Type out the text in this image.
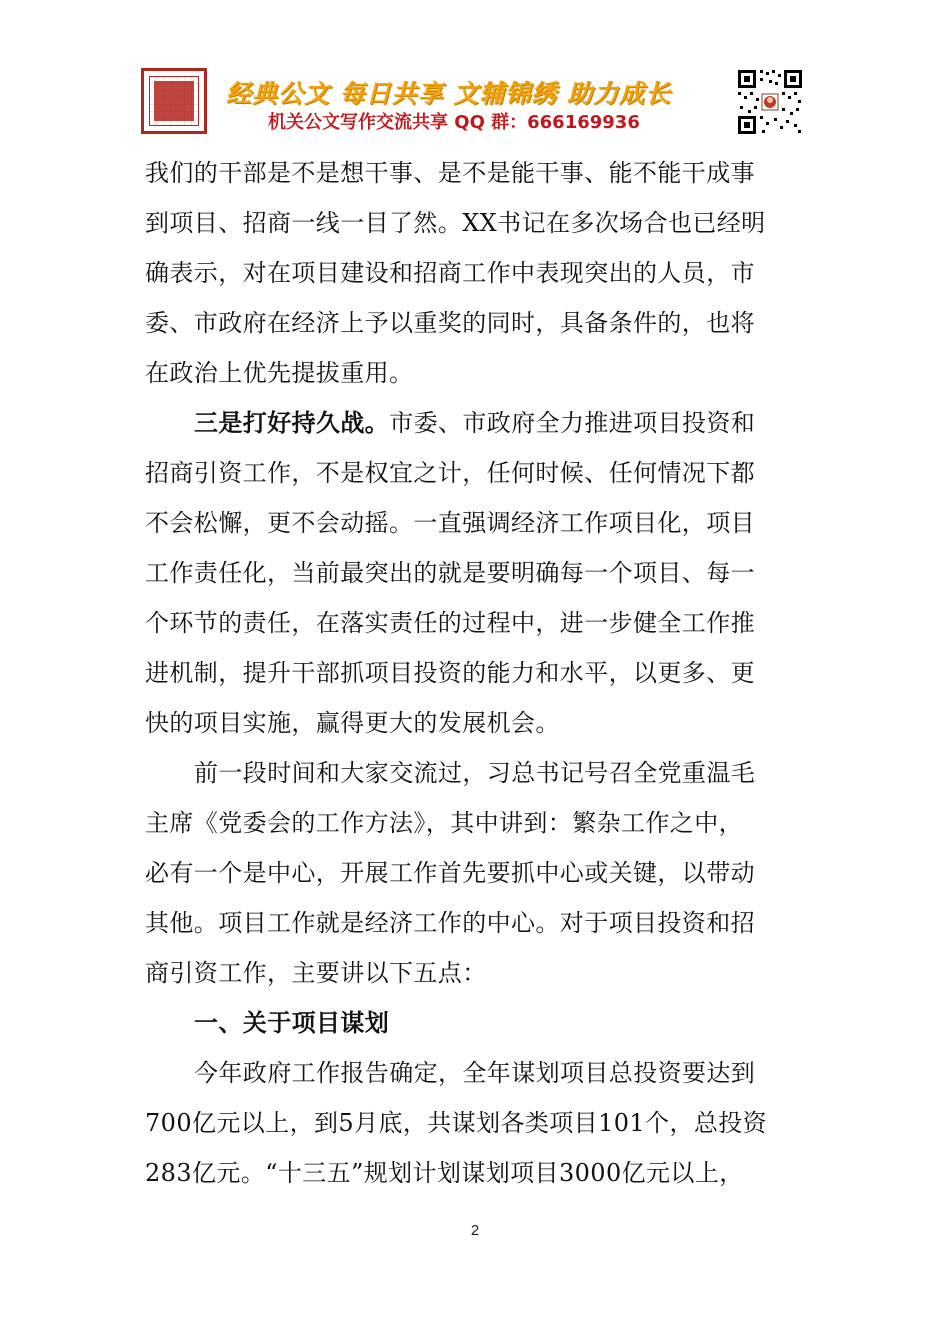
经典公文 每日共享 文辅锦绣 助力成长
机关公文写作交流共享 QQ 群：666169936
我们的干部是不是想干事、是不是能干事、能不能干成事
到项目、招商一线一目了然。XX书记在多次场合也已经明
确表示，对在项目建设和招商工作中表现突出的人员，市
委、市政府在经济上予以重奖的同时，具备条件的，也将
在政治上优先提拔重用。
三是打好持久战。市委、市政府全力推进项目投资和
招商引资工作，不是权宜之计，任何时候、任何情况下都
不会松懈，更不会动摇。一直强调经济工作项目化，项目
工作责任化，当前最突出的就是要明确每一个项目、每一
个环节的责任，在落实责任的过程中，进一步健全工作推
进机制，提升干部抓项目投资的能力和水平，以更多、更
快的项目实施，赢得更大的发展机会。
前一段时间和大家交流过，习总书记号召全党重温毛
主席《党委会的工作方法》，其中讲到：繁杂工作之中，
必有一个是中心，开展工作首先要抓中心或关键，以带动
其他。项目工作就是经济工作的中心。对于项目投资和招
商引资工作，主要讲以下五点：
一、关于项目谋划
今年政府工作报告确定，全年谋划项目总投资要达到
700亿元以上，到5月底，共谋划各类项目101个，总投资
283亿元。“十三五”规划计划谋划项目3000亿元以上，
2
